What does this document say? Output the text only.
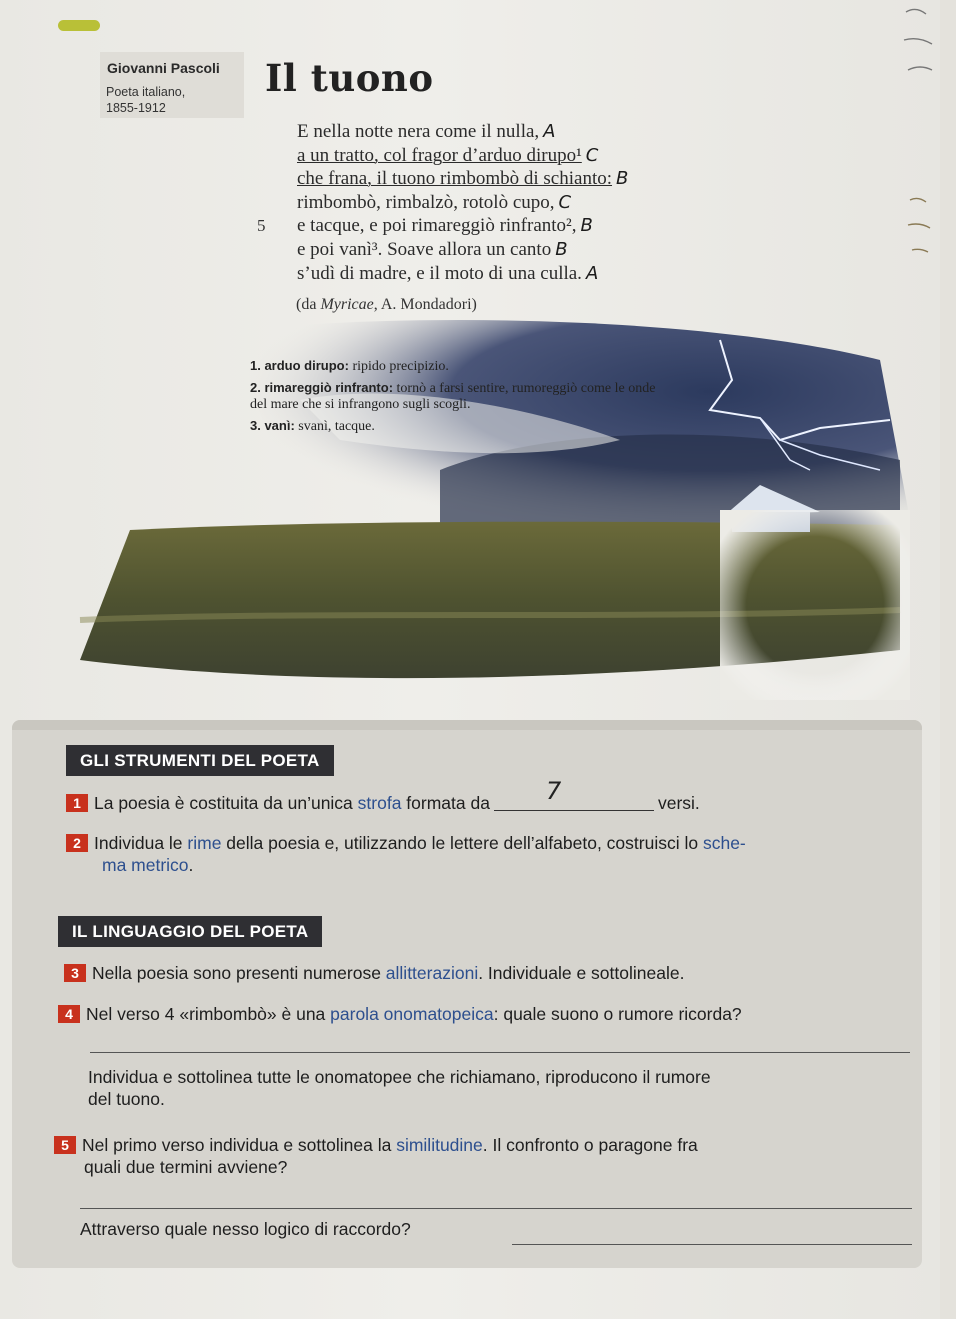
Giovanni Pascoli
Poeta italiano,
1855-1912
Il tuono
E nella notte nera come il nulla, A
a un tratto, col fragor d’arduo dirupo¹ C
che frana, il tuono rimbombò di schianto: B
rimbombò, rimbalzò, rotolò cupo, C
5 e tacque, e poi rimareggiò rinfranto², B
e poi vanì³. Soave allora un canto B
s’udì di madre, e il moto di una culla. A
(da Myricae, A. Mondadori)
1. arduo dirupo: ripido precipizio.
2. rimareggiò rinfranto: tornò a farsi sentire, rumoreggiò come le onde del mare che si infrangono sugli scogli.
3. vanì: svanì, tacque.
GLI STRUMENTI DEL POETA
1 La poesia è costituita da un’unica strofa formata da 7	versi.
2 Individua le rime della poesia e, utilizzando le lettere dell’alfabeto, costruisci lo sche-
ma metrico.
IL LINGUAGGIO DEL POETA
3 Nella poesia sono presenti numerose allitterazioni. Individuale e sottolineale.
4 Nel verso 4 «rimbombò» è una parola onomatopeica: quale suono o rumore ricorda?
Individua e sottolinea tutte le onomatopee che richiamano, riproducono il rumore
del tuono.
5 Nel primo verso individua e sottolinea la similitudine. Il confronto o paragone fra
quali due termini avviene?
Attraverso quale nesso logico di raccordo?
